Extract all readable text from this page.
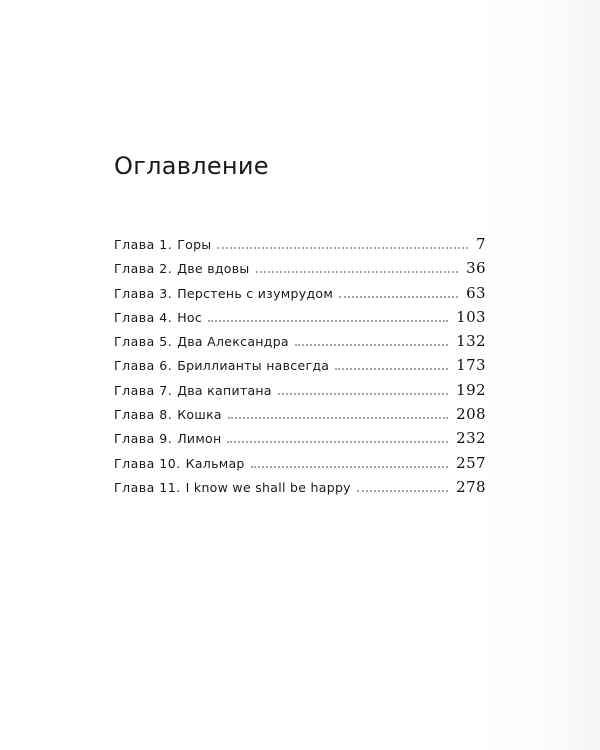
Оглавление
Глава 1. Горы	7
Глава 2. Две вдовы	36
Глава 3. Перстень с изумрудом	63
Глава 4. Нос	103
Глава 5. Два Александра	132
Глава 6. Бриллианты навсегда	173
Глава 7. Два капитана	192
Глава 8. Кошка	208
Глава 9. Лимон	232
Глава 10. Кальмар	257
Глава 11. I know we shall be happy	278
